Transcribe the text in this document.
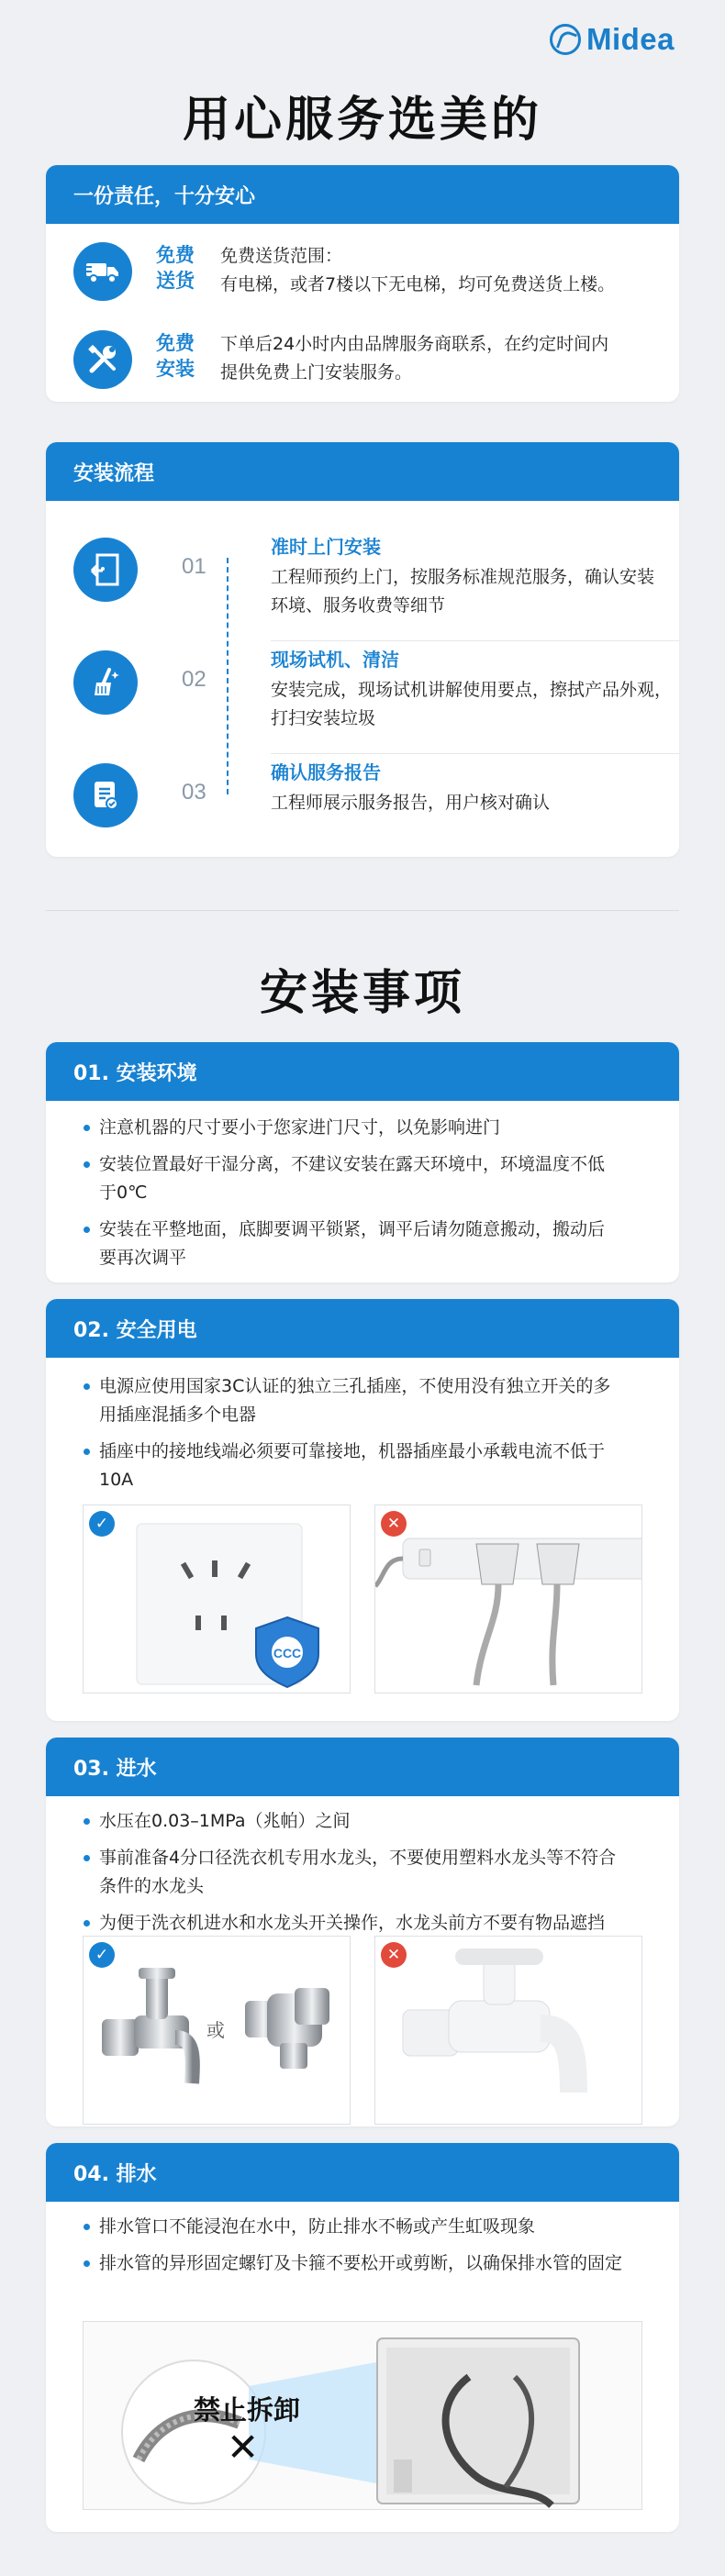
Midea
用心服务选美的
一份责任，十分安心
免费
送货
免费送货范围：
有电梯，或者7楼以下无电梯，均可免费送货上楼。
免费
安装
下单后24小时内由品牌服务商联系，在约定时间内
提供免费上门安装服务。
安装流程
01
准时上门安装
工程师预约上门，按服务标准规范服务，确认安装
环境、服务收费等细节
02
现场试机、清洁
安装完成，现场试机讲解使用要点，擦拭产品外观，
打扫安装垃圾
03
确认服务报告
工程师展示服务报告，用户核对确认
安装事项
01. 安装环境
注意机器的尺寸要小于您家进门尺寸，以免影响进门
安装位置最好干湿分离，不建议安装在露天环境中，环境温度不低
于0℃
安装在平整地面，底脚要调平锁紧，调平后请勿随意搬动，搬动后
要再次调平
02. 安全用电
电源应使用国家3C认证的独立三孔插座，不使用没有独立开关的多
用插座混插多个电器
插座中的接地线端必须要可靠接地，机器插座最小承载电流不低于
10A
✓
CCC
✕
03. 进水
水压在0.03–1MPa（兆帕）之间
事前准备4分口径洗衣机专用水龙头，不要使用塑料水龙头等不符合
条件的水龙头
为便于洗衣机进水和水龙头开关操作，水龙头前方不要有物品遮挡
✓
或
✕
04. 排水
排水管口不能浸泡在水中，防止排水不畅或产生虹吸现象
排水管的异形固定螺钉及卡箍不要松开或剪断，以确保排水管的固定
禁止拆卸
✕
